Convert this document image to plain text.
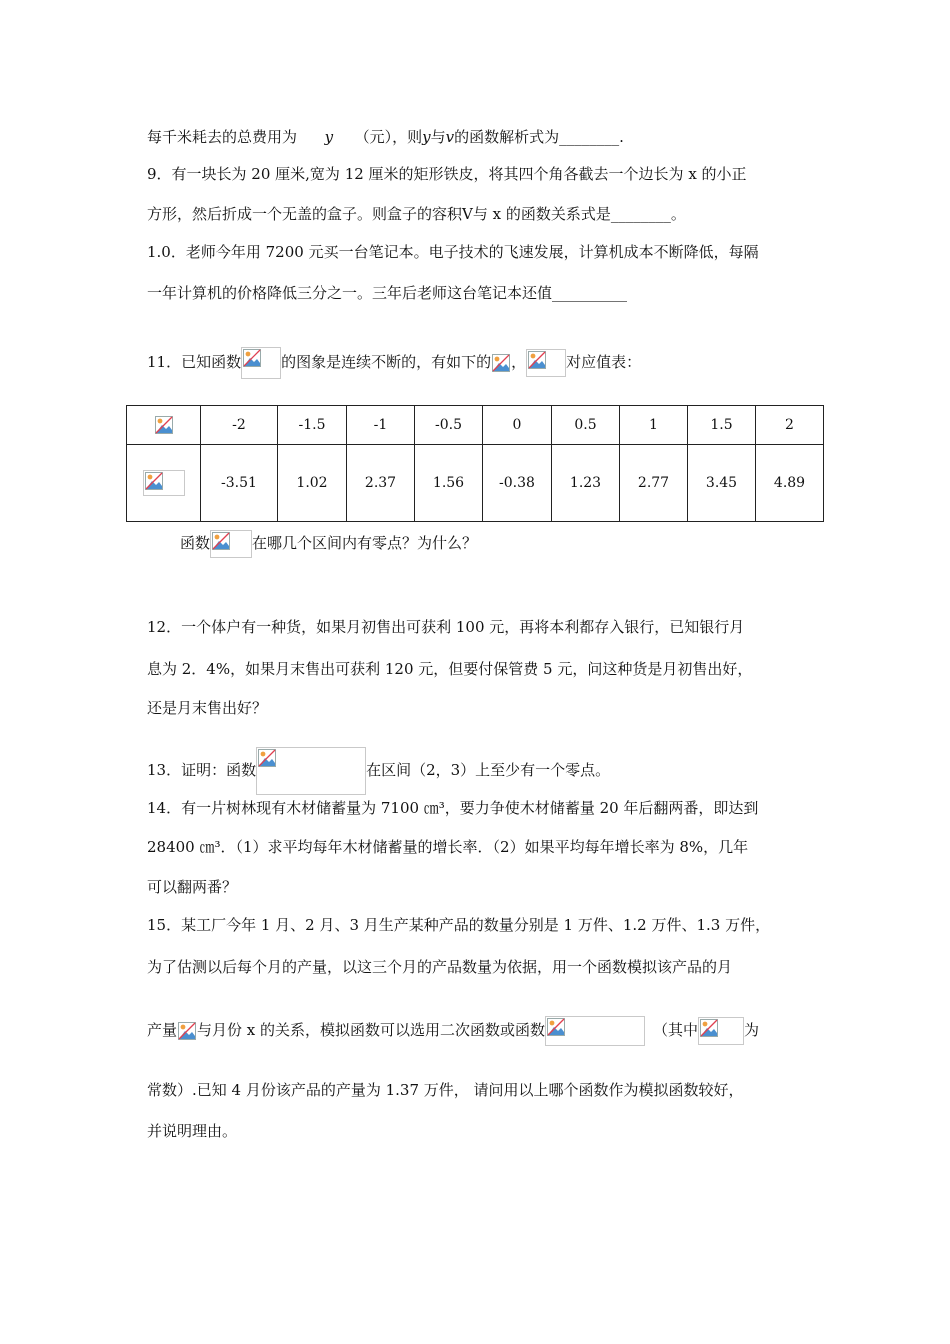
每千米耗去的总费用为 y （元），则y与v的函数解析式为________.
9．有一块长为 20 厘米,宽为 12 厘米的矩形铁皮，将其四个角各截去一个边长为 x 的小正
方形，然后折成一个无盖的盒子。则盒子的容积Ⅴ与 x 的函数关系式是________。
1.0．老师今年用 7200 元买一台笔记本。电子技术的飞速发展，计算机成本不断降低，每隔
一年计算机的价格降低三分之一。三年后老师这台笔记本还值__________
11．已知函数	的图象是连续不断的，有如下的 ，	对应值表：
	-2	-1.5	-1	-0.5	0	0.5	1	1.5	2

	-3.51	1.02	2.37	1.56	-0.38	1.23	2.77	3.45	4.89
函数	在哪几个区间内有零点？为什么？
12．一个体户有一种货，如果月初售出可获利 100 元，再将本利都存入银行，已知银行月
息为 2．4%，如果月末售出可获利 120 元，但要付保管费 5 元，问这种货是月初售出好，
还是月末售出好？
13．证明：函数	在区间（2，3）上至少有一个零点。
14．有一片树林现有木材储蓄量为 7100 ㎝³，要力争使木材储蓄量 20 年后翻两番，即达到
28400 ㎝³．（1）求平均每年木材储蓄量的增长率．（2）如果平均每年增长率为 8%，几年
可以翻两番？
15．某工厂今年 1 月、2 月、3 月生产某种产品的数量分别是 1 万件、1.2 万件、1.3 万件，
为了估测以后每个月的产量，以这三个月的产品数量为依据，用一个函数模拟该产品的月
产量 与月份 x 的关系，模拟函数可以选用二次函数或函数	（其中	为
常数）.已知 4 月份该产品的产量为 1.37 万件， 请问用以上哪个函数作为模拟函数较好，
并说明理由。
